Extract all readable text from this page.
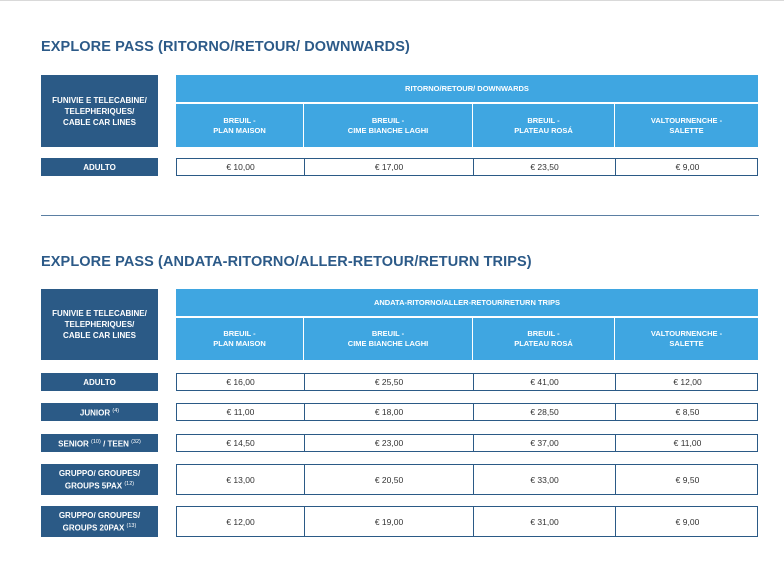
EXPLORE PASS (RITORNO/RETOUR/ DOWNWARDS)
FUNIVIE E TELECABINE/
TELEPHERIQUES/
CABLE CAR LINES
RITORNO/RETOUR/ DOWNWARDS
BREUIL -
PLAN MAISON
BREUIL -
CIME BIANCHE LAGHI
BREUIL -
PLATEAU ROSÁ
VALTOURNENCHE -
SALETTE
ADULTO	€ 10,00	€ 17,00	€ 23,50	€ 9,00
EXPLORE PASS (ANDATA-RITORNO/ALLER-RETOUR/RETURN TRIPS)
FUNIVIE E TELECABINE/
TELEPHERIQUES/
CABLE CAR LINES
ANDATA-RITORNO/ALLER-RETOUR/RETURN TRIPS
BREUIL -
PLAN MAISON
BREUIL -
CIME BIANCHE LAGHI
BREUIL -
PLATEAU ROSÁ
VALTOURNENCHE -
SALETTE
ADULTO	€ 16,00	€ 25,50	€ 41,00	€ 12,00
JUNIOR $^{(4)}$	€ 11,00	€ 18,00	€ 28,50	€ 8,50
SENIOR $^{(10)}$ / TEEN $^{(32)}$	€ 14,50	€ 23,00	€ 37,00	€ 11,00
GRUPPO/ GROUPES/
GROUPS 5PAX $^{(12)}$	€ 13,00	€ 20,50	€ 33,00	€ 9,50
GRUPPO/ GROUPES/
GROUPS 20PAX $^{(13)}$	€ 12,00	€ 19,00	€ 31,00	€ 9,00
